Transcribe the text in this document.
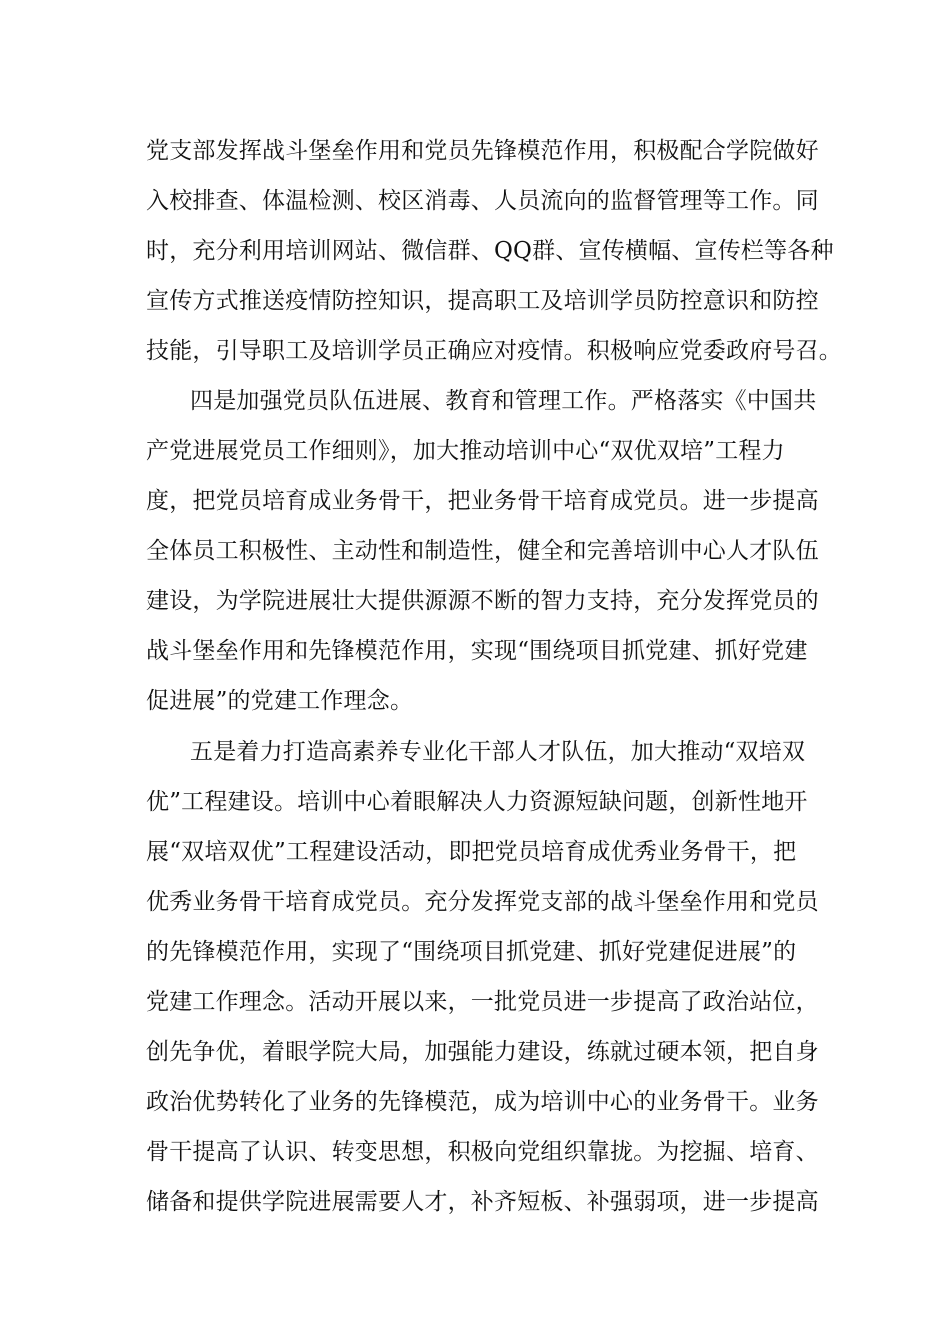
党支部发挥战斗堡垒作用和党员先锋模范作用，积极配合学院做好
入校排查、体温检测、校区消毒、人员流向的监督管理等工作。同
时，充分利用培训网站、微信群、QQ群、宣传横幅、宣传栏等各种
宣传方式推送疫情防控知识，提高职工及培训学员防控意识和防控
技能，引导职工及培训学员正确应对疫情。积极响应党委政府号召。
四是加强党员队伍进展、教育和管理工作。严格落实《中国共
产党进展党员工作细则》，加大推动培训中心“双优双培”工程力
度，把党员培育成业务骨干，把业务骨干培育成党员。进一步提高
全体员工积极性、主动性和制造性，健全和完善培训中心人才队伍
建设，为学院进展壮大提供源源不断的智力支持，充分发挥党员的
战斗堡垒作用和先锋模范作用，实现“围绕项目抓党建、抓好党建
促进展”的党建工作理念。
五是着力打造高素养专业化干部人才队伍，加大推动“双培双
优”工程建设。培训中心着眼解决人力资源短缺问题，创新性地开
展“双培双优”工程建设活动，即把党员培育成优秀业务骨干，把
优秀业务骨干培育成党员。充分发挥党支部的战斗堡垒作用和党员
的先锋模范作用，实现了“围绕项目抓党建、抓好党建促进展”的
党建工作理念。活动开展以来，一批党员进一步提高了政治站位，
创先争优，着眼学院大局，加强能力建设，练就过硬本领，把自身
政治优势转化了业务的先锋模范，成为培训中心的业务骨干。业务
骨干提高了认识、转变思想，积极向党组织靠拢。为挖掘、培育、
储备和提供学院进展需要人才，补齐短板、补强弱项，进一步提高
